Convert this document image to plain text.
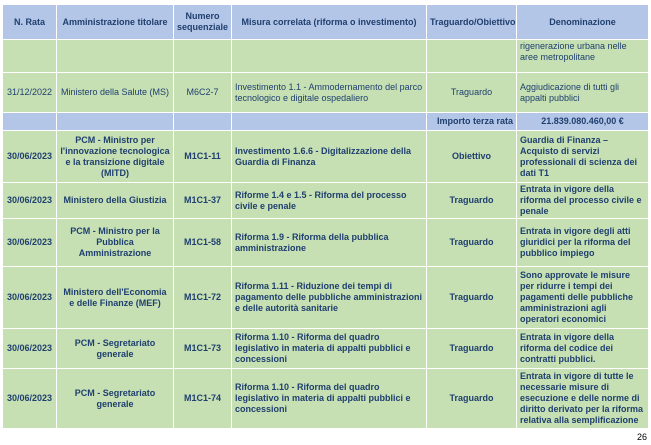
N. Rata	Amministrazione titolare	Numero sequenziale	Misura correlata (riforma o investimento)	Traguardo/Obiettivo	Denominazione
					rigenerazione urbana nelle aree metropolitane
31/12/2022	Ministero della Salute (MS)	M6C2-7	Investimento 1.1 - Ammodernamento del parco tecnologico e digitale ospedaliero	Traguardo	Aggiudicazione di tutti gli appalti pubblici
				Importo terza rata	21.839.080.460,00 €
30/06/2023	PCM - Ministro per l'innovazione tecnologica e la transizione digitale (MITD)	M1C1-11	Investimento 1.6.6 - Digitalizzazione della Guardia di Finanza	Obiettivo	Guardia di Finanza – Acquisto di servizi professionali di scienza dei dati T1
30/06/2023	Ministero della Giustizia	M1C1-37	Riforme 1.4 e 1.5 - Riforma del processo civile e penale	Traguardo	Entrata in vigore della riforma del processo civile e penale
30/06/2023	PCM - Ministro per la Pubblica Amministrazione	M1C1-58	Riforma 1.9 - Riforma della pubblica amministrazione	Traguardo	Entrata in vigore degli atti giuridici per la riforma del pubblico impiego
30/06/2023	Ministero dell'Economia e delle Finanze (MEF)	M1C1-72	Riforma 1.11 - Riduzione dei tempi di pagamento delle pubbliche amministrazioni e delle autorità sanitarie	Traguardo	Sono approvate le misure per ridurre i tempi dei pagamenti delle pubbliche amministrazioni agli operatori economici
30/06/2023	PCM - Segretariato generale	M1C1-73	Riforma 1.10 - Riforma del quadro legislativo in materia di appalti pubblici e concessioni	Traguardo	Entrata in vigore della riforma del codice dei contratti pubblici.
30/06/2023	PCM - Segretariato generale	M1C1-74	Riforma 1.10 - Riforma del quadro legislativo in materia di appalti pubblici e concessioni	Traguardo	Entrata in vigore di tutte le necessarie misure di esecuzione e delle norme di diritto derivato per la riforma relativa alla semplificazione
26
